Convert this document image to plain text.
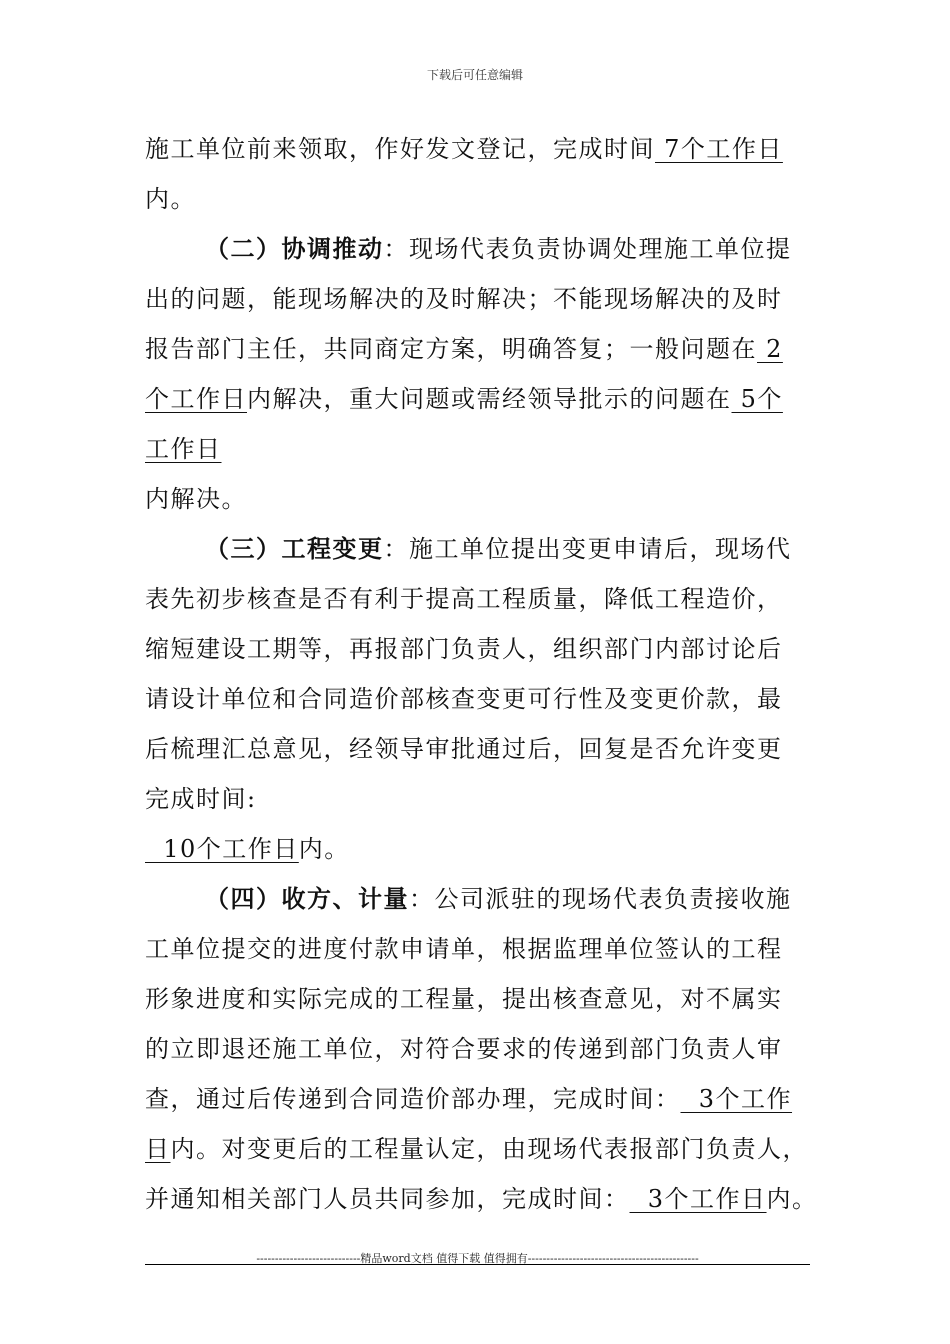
下载后可任意编辑
施工单位前来领取，作好发文登记，完成时间 7个工作日
内。
（二）协调推动：现场代表负责协调处理施工单位提
出的问题，能现场解决的及时解决；不能现场解决的及时
报告部门主任，共同商定方案，明确答复；一般问题在 2
个工作日内解决，重大问题或需经领导批示的问题在 5个
工作日
内解决。
（三）工程变更：施工单位提出变更申请后，现场代
表先初步核查是否有利于提高工程质量，降低工程造价，
缩短建设工期等，再报部门负责人，组织部门内部讨论后
请设计单位和合同造价部核查变更可行性及变更价款，最
后梳理汇总意见，经领导审批通过后，回复是否允许变更
完成时间:
10个工作日内。
（四）收方、计量：公司派驻的现场代表负责接收施
工单位提交的进度付款申请单，根据监理单位签认的工程
形象进度和实际完成的工程量，提出核查意见，对不属实
的立即退还施工单位，对符合要求的传递到部门负责人审
查，通过后传递到合同造价部办理，完成时间：  3个工作
日内。对变更后的工程量认定，由现场代表报部门负责人，
并通知相关部门人员共同参加，完成时间：  3个工作日内。
----------------------------精品word文档 值得下载 值得拥有----------------------------------------------
